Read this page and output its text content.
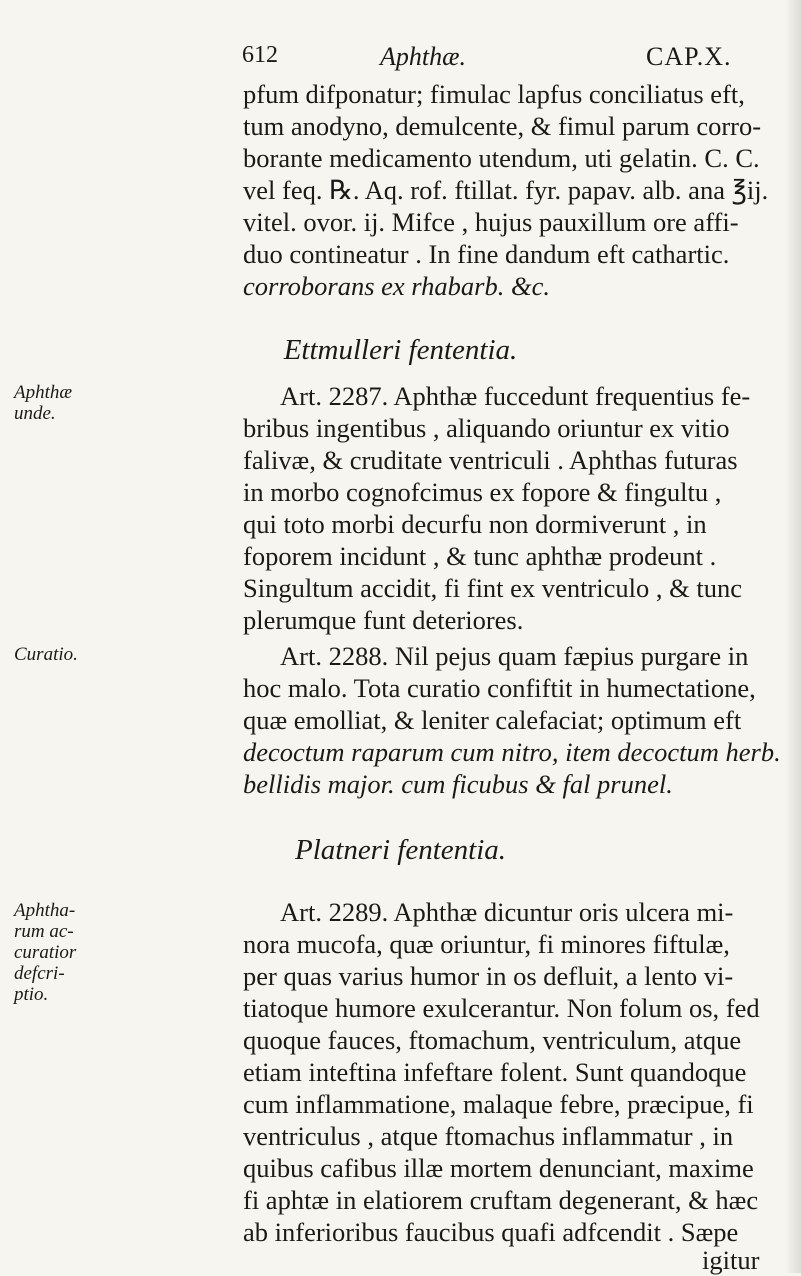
612	Aphthæ.	CAP.X.
pfum difponatur; fimulac lapfus conciliatus eft,
tum anodyno, demulcente, & fimul parum corro-
borante medicamento utendum, uti gelatin. C. C.
vel feq. ℞. Aq. rof. ftillat. fyr. papav. alb. ana ℥ij.
vitel. ovor. ij. Mifce , hujus pauxillum ore affi-
duo contineatur . In fine dandum eft cathartic.
corroborans ex rhabarb. &c.
Ettmulleri fententia.
Aphthæ
unde.
Art. 2287. Aphthæ fuccedunt frequentius fe-
bribus ingentibus , aliquando oriuntur ex vitio
falivæ, & cruditate ventriculi . Aphthas futuras
in morbo cognofcimus ex fopore & fingultu ,
qui toto morbi decurfu non dormiverunt , in
foporem incidunt , & tunc aphthæ prodeunt .
Singultum accidit, fi fint ex ventriculo , & tunc
plerumque funt deteriores.
Curatio.	Art. 2288. Nil pejus quam fæpius purgare in
hoc malo. Tota curatio confiftit in humectatione,
quæ emolliat, & leniter calefaciat; optimum eft
decoctum raparum cum nitro, item decoctum herb.
bellidis major. cum ficubus & fal prunel.
Platneri fententia.
Aphtha-
rum ac-
curatior
defcri-
ptio.
Art. 2289. Aphthæ dicuntur oris ulcera mi-
nora mucofa, quæ oriuntur, fi minores fiftulæ,
per quas varius humor in os defluit, a lento vi-
tiatoque humore exulcerantur. Non folum os, fed
quoque fauces, ftomachum, ventriculum, atque
etiam inteftina infeftare folent. Sunt quandoque
cum inflammatione, malaque febre, præcipue, fi
ventriculus , atque ftomachus inflammatur , in
quibus cafibus illæ mortem denunciant, maxime
fi aphtæ in elatiorem cruftam degenerant, & hæc
ab inferioribus faucibus quafi adfcendit . Sæpe
igitur
